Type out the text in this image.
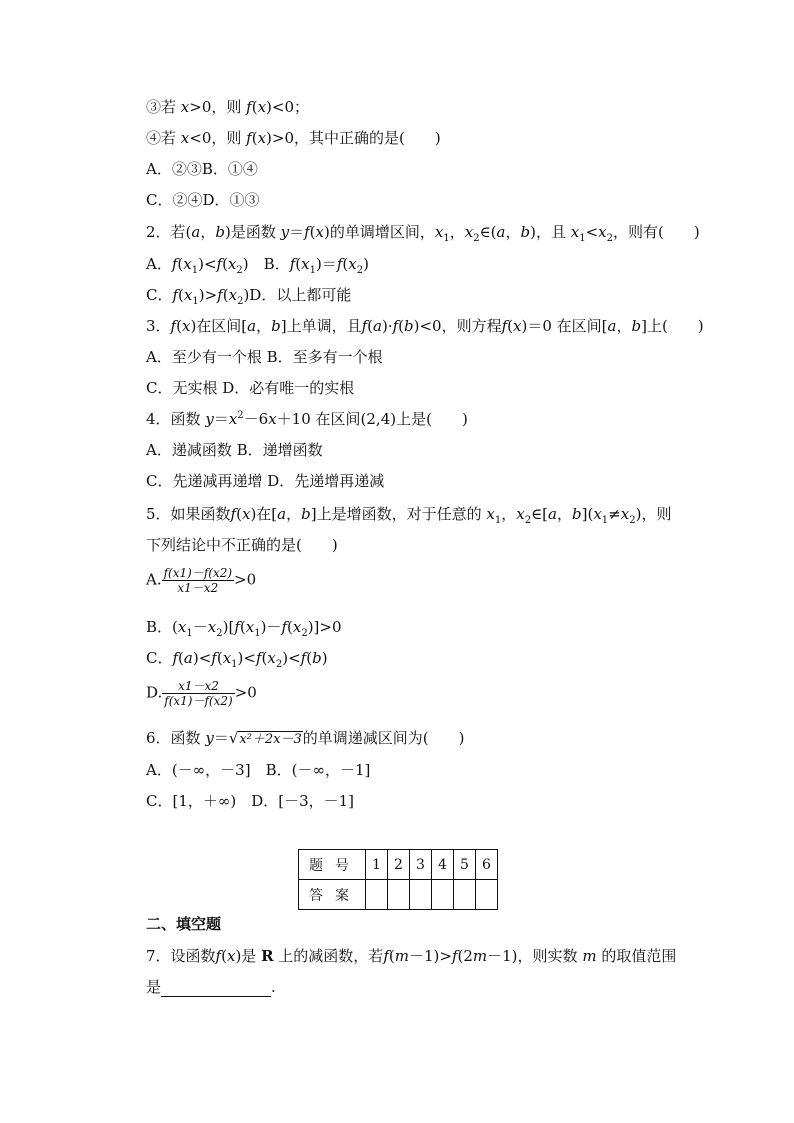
③若 x>0，则 f(x)<0；
④若 x<0，则 f(x)>0，其中正确的是(　　)
A．②③B．①④
C．②④D．①③
2．若(a，b)是函数 y＝f(x)的单调增区间，$x_1$，$x_2\in(a$，b)，且 $x_1<x_2$，则有(　　)
A．$f(x_1)<f(x_2)$　B．$f(x_1)=f(x_2)$
C．$f(x_1)>f(x_2)D$．以上都可能
3．f(x)在区间[a，b]上单调，且f(a)·f(b)<0，则方程f(x)＝0 在区间[a，b]上(　　)
A．至少有一个根 B．至多有一个根
C．无实根 D．必有唯一的实根
4．函数 $y=x^2-6x+10$ 在区间(2,4)上是(　　)
A．递减函数 B．递增函数
C．先递减再递增 D．先递增再递减
5．如果函数f(x)在[a，b]上是增函数，对于任意的 $x_1$，$x_2\in[a$，$b](x_1\ne x_2)$，则
下列结论中不正确的是(　　)
A. $\frac{f(x1)-f(x2)}{x1-x2} >0$
B．$(x_1-x_2)[f(x_1)-f(x_2)]>0$
C．$f(a)<f(x_1)<f(x_2)<f(b)$
D. $\frac{x1-x2}{f(x1)-f(x2)} >0$
6．函数 y＝√x²＋2x－3的单调递减区间为(　　)
A．(－∞，－3]　B．(－∞，－1]
C．[1，＋∞)　D．[－3，－1]
题号	1	2	3	4	5	6
答案						
二、填空题
7．设函数f(x)是 R 上的减函数，若f(m－1)>f(2m－1)，则实数 m 的取值范围
是	.
